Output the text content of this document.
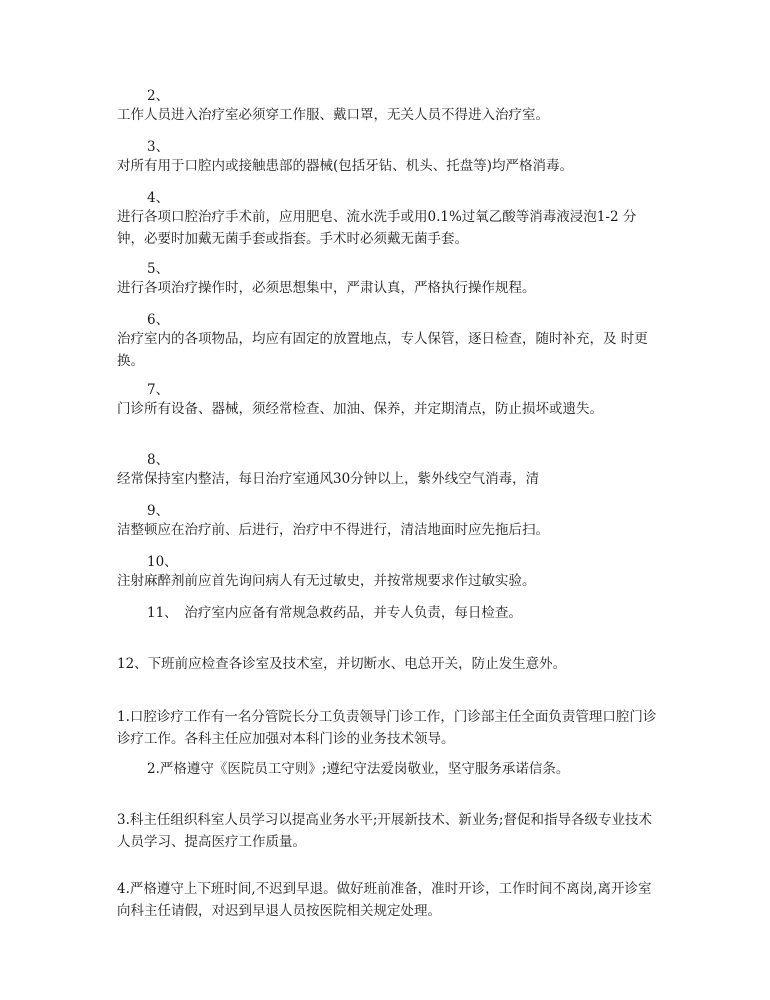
2、

工作人员进入治疗室必须穿工作服、戴口罩，无关人员不得进入治疗室。

3、

对所有用于口腔内或接触患部的器械(包括牙钻、机头、托盘等)均严格消毒。

4、

进行各项口腔治疗手术前，应用肥皂、流水洗手或用0.1%过氧乙酸等消毒液浸泡1-2 分钟，必要时加戴无菌手套或指套。手术时必须戴无菌手套。

5、

进行各项治疗操作时，必须思想集中，严肃认真，严格执行操作规程。

6、

治疗室内的各项物品，均应有固定的放置地点，专人保管，逐日检查，随时补充，及 时更换。

7、

门诊所有设备、器械，须经常检查、加油、保养，并定期清点，防止损坏或遗失。

8、

经常保持室内整洁，每日治疗室通风30分钟以上，紫外线空气消毒，清

9、

洁整顿应在治疗前、后进行，治疗中不得进行，清洁地面时应先拖后扫。

10、

注射麻醉剂前应首先询问病人有无过敏史，并按常规要求作过敏实验。

11、　治疗室内应备有常规急救药品，并专人负责，每日检查。

12、下班前应检查各诊室及技术室，并切断水、电总开关，防止发生意外。

1.口腔诊疗工作有一名分管院长分工负责领导门诊工作，门诊部主任全面负责管理口腔门诊诊疗工作。各科主任应加强对本科门诊的业务技术领导。

2.严格遵守《医院员工守则》;遵纪守法爱岗敬业，坚守服务承诺信条。

3.科主任组织科室人员学习以提高业务水平;开展新技术、新业务;督促和指导各级专业技术人员学习、提高医疗工作质量。

4.严格遵守上下班时间,不迟到早退。做好班前准备，准时开诊，工作时间不离岗,离开诊室向科主任请假，对迟到早退人员按医院相关规定处理。
